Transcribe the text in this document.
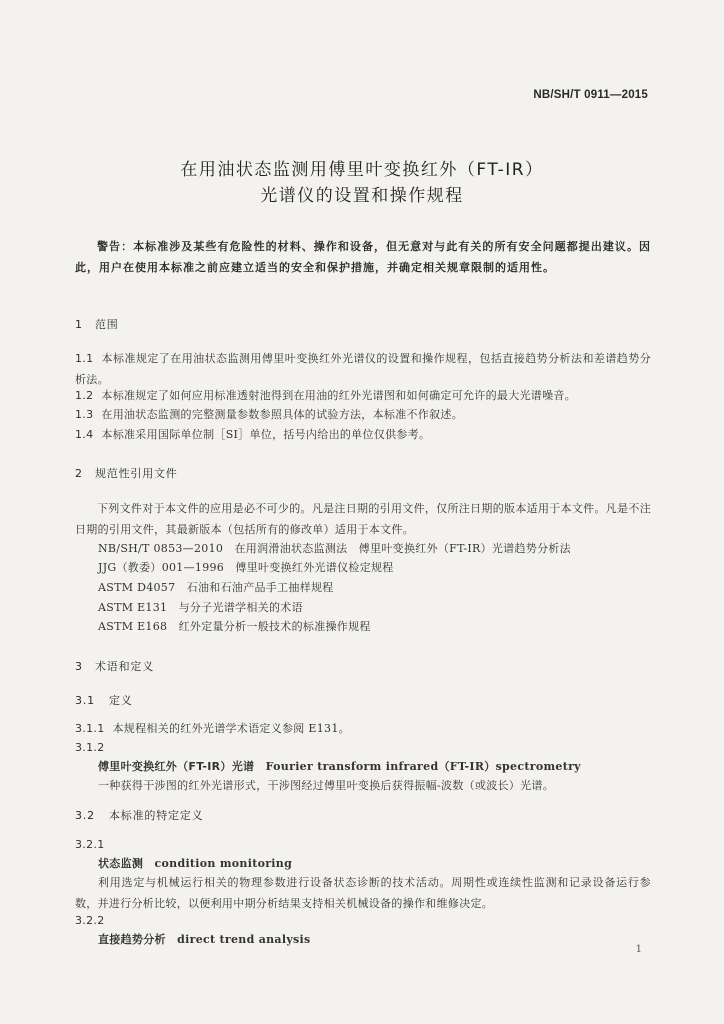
NB/SH/T 0911—2015
在用油状态监测用傅里叶变换红外（FT-IR）
光谱仪的设置和操作规程
警告：本标准涉及某些有危险性的材料、操作和设备，但无意对与此有关的所有安全问题都提出建议。因此，用户在使用本标准之前应建立适当的安全和保护措施，并确定相关规章限制的适用性。
1 范围
1.1 本标准规定了在用油状态监测用傅里叶变换红外光谱仪的设置和操作规程，包括直接趋势分析法和差谱趋势分析法。
1.2 本标准规定了如何应用标准透射池得到在用油的红外光谱图和如何确定可允许的最大光谱噪音。
1.3 在用油状态监测的完整测量参数参照具体的试验方法，本标准不作叙述。
1.4 本标准采用国际单位制［SI］单位，括号内给出的单位仅供参考。
2 规范性引用文件
下列文件对于本文件的应用是必不可少的。凡是注日期的引用文件，仅所注日期的版本适用于本文件。凡是不注日期的引用文件，其最新版本（包括所有的修改单）适用于本文件。
NB/SH/T 0853—2010　在用润滑油状态监测法　傅里叶变换红外（FT-IR）光谱趋势分析法
JJG（教委）001—1996　傅里叶变换红外光谱仪检定规程
ASTM D4057　石油和石油产品手工抽样规程
ASTM E131　与分子光谱学相关的术语
ASTM E168　红外定量分析一般技术的标准操作规程
3 术语和定义
3.1 定义
3.1.1 本规程相关的红外光谱学术语定义参阅 E131。
3.1.2
傅里叶变换红外（FT-IR）光谱　 Fourier transform infrared（FT-IR）spectrometry
一种获得干涉图的红外光谱形式，干涉图经过傅里叶变换后获得振幅-波数（或波长）光谱。
3.2 本标准的特定定义
3.2.1
状态监测　 condition monitoring
利用选定与机械运行相关的物理参数进行设备状态诊断的技术活动。周期性或连续性监测和记录设备运行参数，并进行分析比较，以便利用中期分析结果支持相关机械设备的操作和维修决定。
3.2.2
直接趋势分析　 direct trend analysis
1
